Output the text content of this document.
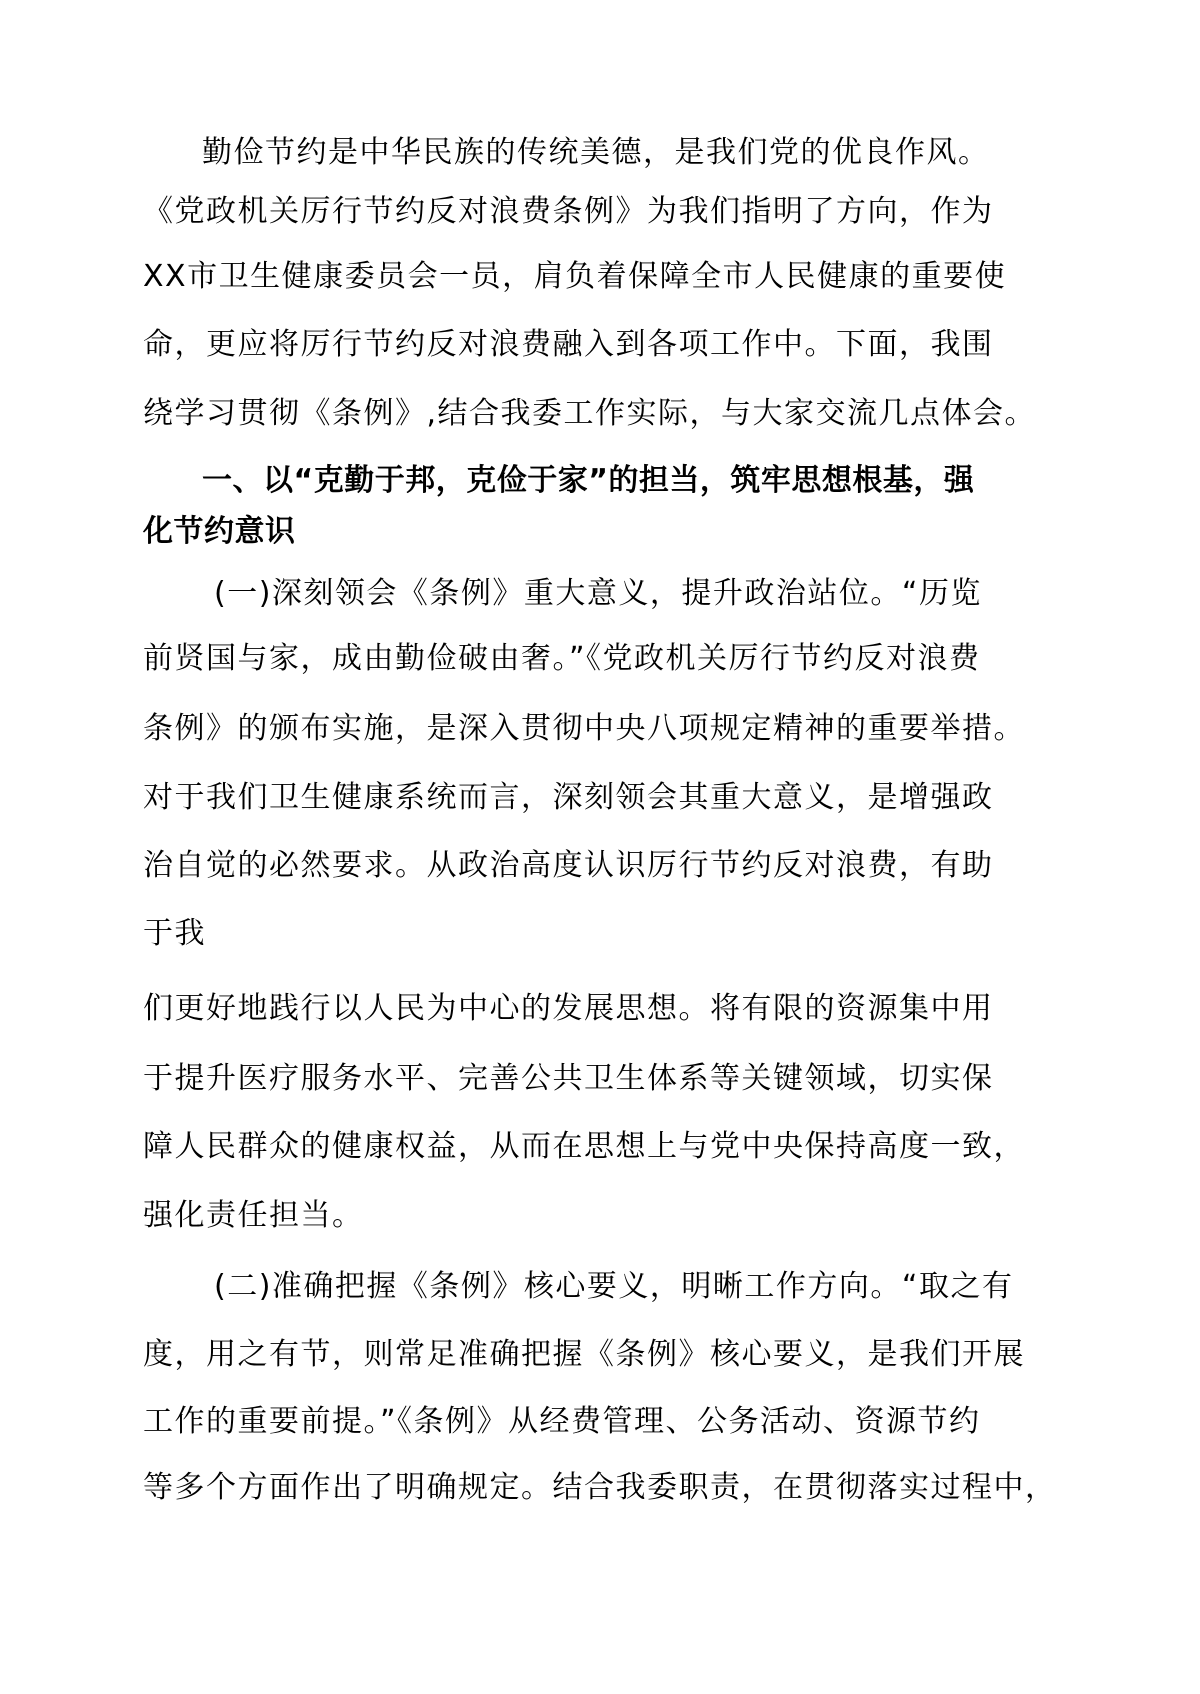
勤俭节约是中华民族的传统美德，是我们党的优良作风。
《党政机关厉行节约反对浪费条例》为我们指明了方向，作为
XX市卫生健康委员会一员，肩负着保障全市人民健康的重要使
命，更应将厉行节约反对浪费融入到各项工作中。下面，我围
绕学习贯彻《条例》,结合我委工作实际，与大家交流几点体会。
一、以“克勤于邦，克俭于家”的担当，筑牢思想根基，强
化节约意识
(一)深刻领会《条例》重大意义，提升政治站位。“历览
前贤国与家，成由勤俭破由奢。”《党政机关厉行节约反对浪费
条例》的颁布实施，是深入贯彻中央八项规定精神的重要举措。
对于我们卫生健康系统而言，深刻领会其重大意义，是增强政
治自觉的必然要求。从政治高度认识厉行节约反对浪费，有助
于我
们更好地践行以人民为中心的发展思想。将有限的资源集中用
于提升医疗服务水平、完善公共卫生体系等关键领域，切实保
障人民群众的健康权益，从而在思想上与党中央保持高度一致，
强化责任担当。
(二)准确把握《条例》核心要义，明晰工作方向。“取之有
度，用之有节，则常足准确把握《条例》核心要义，是我们开展
工作的重要前提。”《条例》从经费管理、公务活动、资源节约
等多个方面作出了明确规定。结合我委职责，在贯彻落实过程中，
